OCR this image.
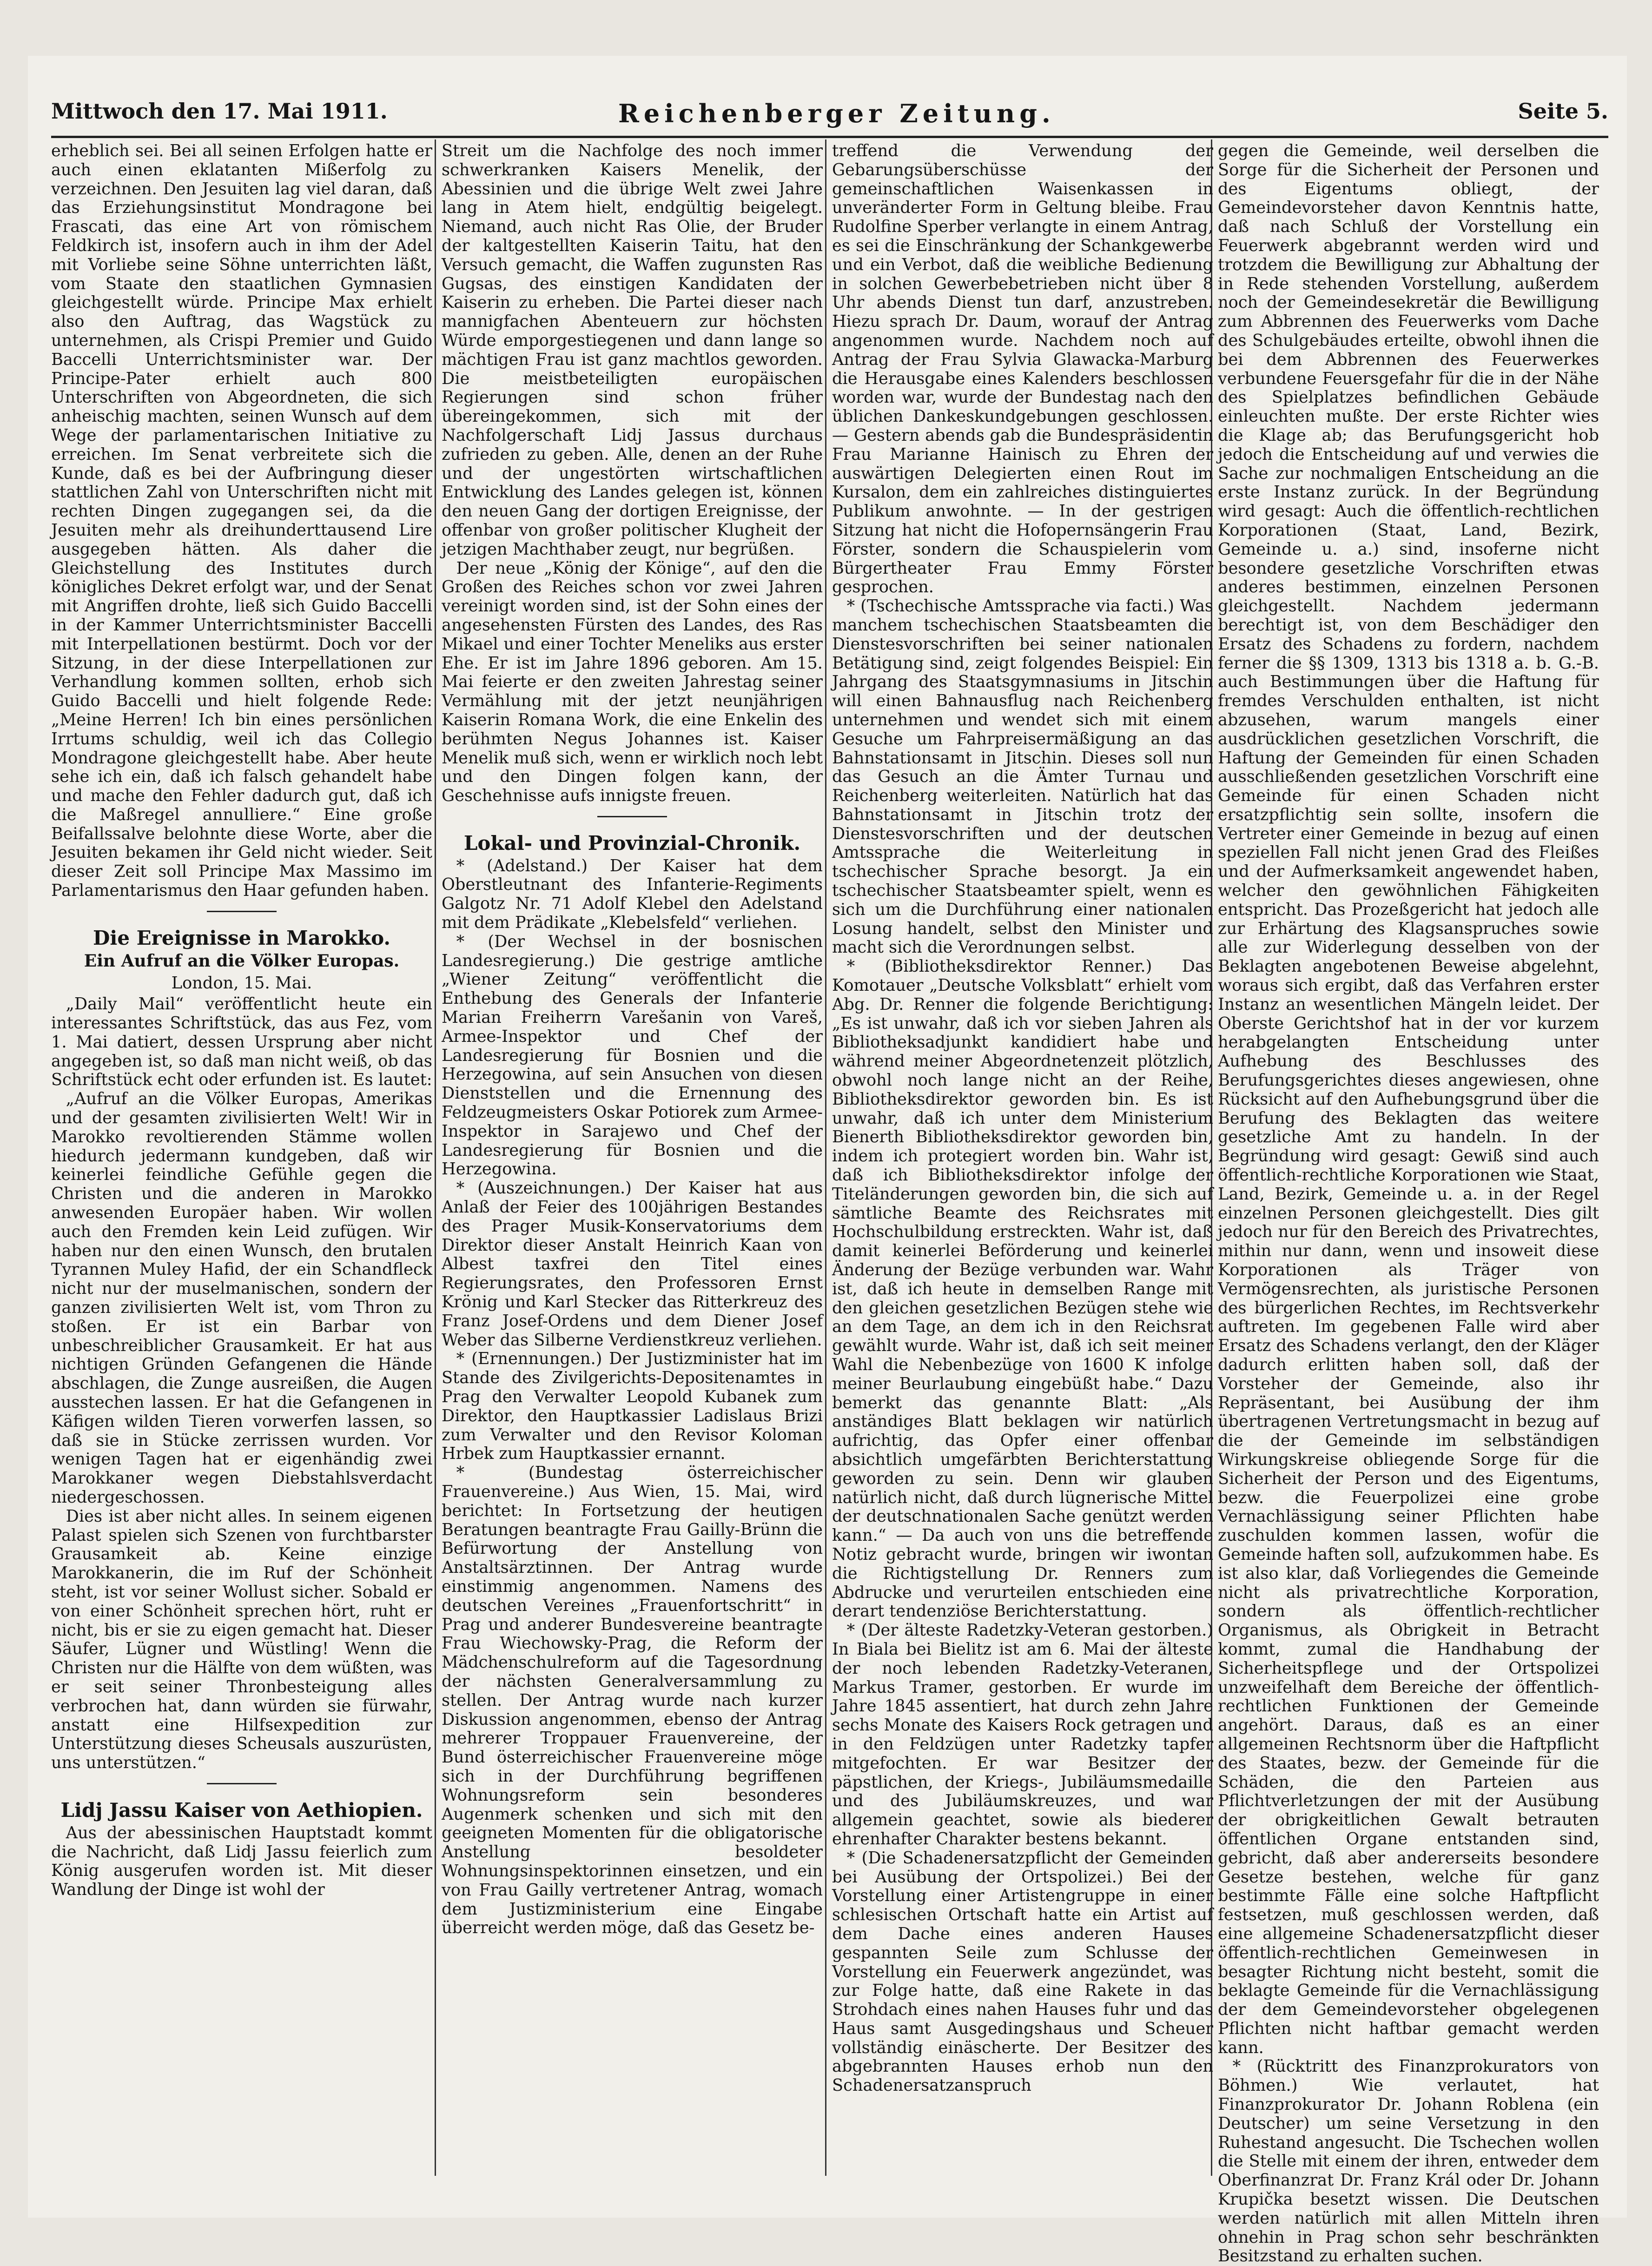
Mittwoch den 17. Mai 1911.	Reichenberger Zeitung.	Seite 5.

erheblich sei. Bei all seinen Erfolgen hatte er auch einen eklatanten Mißerfolg zu verzeichnen. Den Jesuiten lag viel daran, daß das Erziehungsinstitut Mondragone bei Frascati, das eine Art von römischem Feldkirch ist, insofern auch in ihm der Adel mit Vorliebe seine Söhne unterrichten läßt, vom Staate den staatlichen Gymnasien gleichgestellt würde. Principe Max erhielt also den Auftrag, das Wagstück zu unternehmen, als Crispi Premier und Guido Baccelli Unterrichtsminister war. Der Principe-Pater erhielt auch 800 Unterschriften von Abgeordneten, die sich anheischig machten, seinen Wunsch auf dem Wege der parlamentarischen Initiative zu erreichen. Im Senat verbreitete sich die Kunde, daß es bei der Aufbringung dieser stattlichen Zahl von Unterschriften nicht mit rechten Dingen zugegangen sei, da die Jesuiten mehr als dreihunderttausend Lire ausgegeben hätten. Als daher die Gleichstellung des Institutes durch königliches Dekret erfolgt war, und der Senat mit Angriffen drohte, ließ sich Guido Baccelli in der Kammer Unterrichtsminister Baccelli mit Interpellationen bestürmt. Doch vor der Sitzung, in der diese Interpellationen zur Verhandlung kommen sollten, erhob sich Guido Baccelli und hielt folgende Rede: „Meine Herren! Ich bin eines persönlichen Irrtums schuldig, weil ich das Collegio Mondragone gleichgestellt habe. Aber heute sehe ich ein, daß ich falsch gehandelt habe und mache den Fehler dadurch gut, daß ich die Maßregel annulliere.“ Eine große Beifallssalve belohnte diese Worte, aber die Jesuiten bekamen ihr Geld nicht wieder. Seit dieser Zeit soll Principe Max Massimo im Parlamentarismus den Haar gefunden haben.

Die Ereignisse in Marokko.
Ein Aufruf an die Völker Europas.
London, 15. Mai.

„Daily Mail“ veröffentlicht heute ein interessantes Schriftstück, das aus Fez, vom 1. Mai datiert, dessen Ursprung aber nicht angegeben ist, so daß man nicht weiß, ob das Schriftstück echt oder erfunden ist. Es lautet:

„Aufruf an die Völker Europas, Amerikas und der gesamten zivilisierten Welt! Wir in Marokko revoltierenden Stämme wollen hiedurch jedermann kundgeben, daß wir keinerlei feindliche Gefühle gegen die Christen und die anderen in Marokko anwesenden Europäer haben. Wir wollen auch den Fremden kein Leid zufügen. Wir haben nur den einen Wunsch, den brutalen Tyrannen Muley Hafid, der ein Schandfleck nicht nur der muselmanischen, sondern der ganzen zivilisierten Welt ist, vom Thron zu stoßen. Er ist ein Barbar von unbeschreiblicher Grausamkeit. Er hat aus nichtigen Gründen Gefangenen die Hände abschlagen, die Zunge ausreißen, die Augen ausstechen lassen. Er hat die Gefangenen in Käfigen wilden Tieren vorwerfen lassen, so daß sie in Stücke zerrissen wurden. Vor wenigen Tagen hat er eigenhändig zwei Marokkaner wegen Diebstahlsverdacht niedergeschossen.

Dies ist aber nicht alles. In seinem eigenen Palast spielen sich Szenen von furchtbarster Grausamkeit ab. Keine einzige Marokkanerin, die im Ruf der Schönheit steht, ist vor seiner Wollust sicher. Sobald er von einer Schönheit sprechen hört, ruht er nicht, bis er sie zu eigen gemacht hat. Dieser Säufer, Lügner und Wüstling! Wenn die Christen nur die Hälfte von dem wüßten, was er seit seiner Thronbesteigung alles verbrochen hat, dann würden sie fürwahr, anstatt eine Hilfsexpedition zur Unterstützung dieses Scheusals auszurüsten, uns unterstützen.“

Lidj Jassu Kaiser von Aethiopien.

Aus der abessinischen Hauptstadt kommt die Nachricht, daß Lidj Jassu feierlich zum König ausgerufen worden ist. Mit dieser Wandlung der Dinge ist wohl der

Streit um die Nachfolge des noch immer schwerkranken Kaisers Menelik, der Abessinien und die übrige Welt zwei Jahre lang in Atem hielt, endgültig beigelegt. Niemand, auch nicht Ras Olie, der Bruder der kaltgestellten Kaiserin Taitu, hat den Versuch gemacht, die Waffen zugunsten Ras Gugsas, des einstigen Kandidaten der Kaiserin zu erheben. Die Partei dieser nach mannigfachen Abenteuern zur höchsten Würde emporgestiegenen und dann lange so mächtigen Frau ist ganz machtlos geworden. Die meistbeteiligten europäischen Regierungen sind schon früher übereingekommen, sich mit der Nachfolgerschaft Lidj Jassus durchaus zufrieden zu geben. Alle, denen an der Ruhe und der ungestörten wirtschaftlichen Entwicklung des Landes gelegen ist, können den neuen Gang der dortigen Ereignisse, der offenbar von großer politischer Klugheit der jetzigen Machthaber zeugt, nur begrüßen.

Der neue „König der Könige“, auf den die Großen des Reiches schon vor zwei Jahren vereinigt worden sind, ist der Sohn eines der angesehensten Fürsten des Landes, des Ras Mikael und einer Tochter Meneliks aus erster Ehe. Er ist im Jahre 1896 geboren. Am 15. Mai feierte er den zweiten Jahrestag seiner Vermählung mit der jetzt neunjährigen Kaiserin Romana Work, die eine Enkelin des berühmten Negus Johannes ist. Kaiser Menelik muß sich, wenn er wirklich noch lebt und den Dingen folgen kann, der Geschehnisse aufs innigste freuen.

Lokal- und Provinzial-Chronik.

* (Adelstand.) Der Kaiser hat dem Oberstleutnant des Infanterie-Regiments Galgotz Nr. 71 Adolf Klebel den Adelstand mit dem Prädikate „Klebelsfeld“ verliehen.

* (Der Wechsel in der bosnischen Landesregierung.) Die gestrige amtliche „Wiener Zeitung“ veröffentlicht die Enthebung des Generals der Infanterie Marian Freiherrn Varešanin von Vareš, Armee-Inspektor und Chef der Landesregierung für Bosnien und die Herzegowina, auf sein Ansuchen von diesen Dienststellen und die Ernennung des Feldzeugmeisters Oskar Potiorek zum Armee-Inspektor in Sarajewo und Chef der Landesregierung für Bosnien und die Herzegowina.

* (Auszeichnungen.) Der Kaiser hat aus Anlaß der Feier des 100jährigen Bestandes des Prager Musik-Konservatoriums dem Direktor dieser Anstalt Heinrich Kaan von Albest taxfrei den Titel eines Regierungsrates, den Professoren Ernst Krönig und Karl Stecker das Ritterkreuz des Franz Josef-Ordens und dem Diener Josef Weber das Silberne Verdienstkreuz verliehen.

* (Ernennungen.) Der Justizminister hat im Stande des Zivilgerichts-Depositenamtes in Prag den Verwalter Leopold Kubanek zum Direktor, den Hauptkassier Ladislaus Brizi zum Verwalter und den Revisor Koloman Hrbek zum Hauptkassier ernannt.

* (Bundestag österreichischer Frauenvereine.) Aus Wien, 15. Mai, wird berichtet: In Fortsetzung der heutigen Beratungen beantragte Frau Gailly-Brünn die Befürwortung der Anstellung von Anstaltsärztinnen. Der Antrag wurde einstimmig angenommen. Namens des deutschen Vereines „Frauenfortschritt“ in Prag und anderer Bundesvereine beantragte Frau Wiechowsky-Prag, die Reform der Mädchenschulreform auf die Tagesordnung der nächsten Generalversammlung zu stellen. Der Antrag wurde nach kurzer Diskussion angenommen, ebenso der Antrag mehrerer Troppauer Frauenvereine, der Bund österreichischer Frauenvereine möge sich in der Durchführung begriffenen Wohnungsreform sein besonderes Augenmerk schenken und sich mit den geeigneten Momenten für die obligatorische Anstellung besoldeter Wohnungsinspektorinnen einsetzen, und ein von Frau Gailly vertretener Antrag, womach dem Justizministerium eine Eingabe überreicht werden möge, daß das Gesetz be-

treffend die Verwendung der Gebarungsüberschüsse der gemeinschaftlichen Waisenkassen in unveränderter Form in Geltung bleibe. Frau Rudolfine Sperber verlangte in einem Antrag, es sei die Einschränkung der Schankgewerbe und ein Verbot, daß die weibliche Bedienung in solchen Gewerbebetrieben nicht über 8 Uhr abends Dienst tun darf, anzustreben. Hiezu sprach Dr. Daum, worauf der Antrag angenommen wurde. Nachdem noch auf Antrag der Frau Sylvia Glawacka-Marburg die Herausgabe eines Kalenders beschlossen worden war, wurde der Bundestag nach den üblichen Dankeskundgebungen geschlossen. — Gestern abends gab die Bundespräsidentin Frau Marianne Hainisch zu Ehren der auswärtigen Delegierten einen Rout im Kursalon, dem ein zahlreiches distinguiertes Publikum anwohnte. — In der gestrigen Sitzung hat nicht die Hofopernsängerin Frau Förster, sondern die Schauspielerin vom Bürgertheater Frau Emmy Förster gesprochen.

* (Tschechische Amtssprache via facti.) Was manchem tschechischen Staatsbeamten die Dienstesvorschriften bei seiner nationalen Betätigung sind, zeigt folgendes Beispiel: Ein Jahrgang des Staatsgymnasiums in Jitschin will einen Bahnausflug nach Reichenberg unternehmen und wendet sich mit einem Gesuche um Fahrpreisermäßigung an das Bahnstationsamt in Jitschin. Dieses soll nun das Gesuch an die Ämter Turnau und Reichenberg weiterleiten. Natürlich hat das Bahnstationsamt in Jitschin trotz der Dienstesvorschriften und der deutschen Amtssprache die Weiterleitung in tschechischer Sprache besorgt. Ja ein tschechischer Staatsbeamter spielt, wenn es sich um die Durchführung einer nationalen Losung handelt, selbst den Minister und macht sich die Verordnungen selbst.

* (Bibliotheksdirektor Renner.) Das Komotauer „Deutsche Volksblatt“ erhielt vom Abg. Dr. Renner die folgende Berichtigung: „Es ist unwahr, daß ich vor sieben Jahren als Bibliotheksadjunkt kandidiert habe und während meiner Abgeordnetenzeit plötzlich, obwohl noch lange nicht an der Reihe, Bibliotheksdirektor geworden bin. Es ist unwahr, daß ich unter dem Ministerium Bienerth Bibliotheksdirektor geworden bin, indem ich protegiert worden bin. Wahr ist, daß ich Bibliotheksdirektor infolge der Titeländerungen geworden bin, die sich auf sämtliche Beamte des Reichsrates mit Hochschulbildung erstreckten. Wahr ist, daß damit keinerlei Beförderung und keinerlei Änderung der Bezüge verbunden war. Wahr ist, daß ich heute in demselben Range mit den gleichen gesetzlichen Bezügen stehe wie an dem Tage, an dem ich in den Reichsrat gewählt wurde. Wahr ist, daß ich seit meiner Wahl die Nebenbezüge von 1600 K infolge meiner Beurlaubung eingebüßt habe.“ Dazu bemerkt das genannte Blatt: „Als anständiges Blatt beklagen wir natürlich aufrichtig, das Opfer einer offenbar absichtlich umgefärbten Berichterstattung geworden zu sein. Denn wir glauben natürlich nicht, daß durch lügnerische Mittel der deutschnationalen Sache genützt werden kann.“ — Da auch von uns die betreffende Notiz gebracht wurde, bringen wir iwontan die Richtigstellung Dr. Renners zum Abdrucke und verurteilen entschieden eine derart tendenziöse Berichterstattung.

* (Der älteste Radetzky-Veteran gestorben.) In Biala bei Bielitz ist am 6. Mai der älteste der noch lebenden Radetzky-Veteranen, Markus Tramer, gestorben. Er wurde im Jahre 1845 assentiert, hat durch zehn Jahre sechs Monate des Kaisers Rock getragen und in den Feldzügen unter Radetzky tapfer mitgefochten. Er war Besitzer der päpstlichen, der Kriegs-, Jubiläumsmedaille und des Jubiläumskreuzes, und war allgemein geachtet, sowie als biederer ehrenhafter Charakter bestens bekannt.

* (Die Schadenersatzpflicht der Gemeinden bei Ausübung der Ortspolizei.) Bei der Vorstellung einer Artistengruppe in einer schlesischen Ortschaft hatte ein Artist auf dem Dache eines anderen Hauses gespannten Seile zum Schlusse der Vorstellung ein Feuerwerk angezündet, was zur Folge hatte, daß eine Rakete in das Strohdach eines nahen Hauses fuhr und das Haus samt Ausgedingshaus und Scheuer vollständig einäscherte. Der Besitzer des abgebrannten Hauses erhob nun den Schadenersatzanspruch

gegen die Gemeinde, weil derselben die Sorge für die Sicherheit der Personen und des Eigentums obliegt, der Gemeindevorsteher davon Kenntnis hatte, daß nach Schluß der Vorstellung ein Feuerwerk abgebrannt werden wird und trotzdem die Bewilligung zur Abhaltung der in Rede stehenden Vorstellung, außerdem noch der Gemeindesekretär die Bewilligung zum Abbrennen des Feuerwerks vom Dache des Schulgebäudes erteilte, obwohl ihnen die bei dem Abbrennen des Feuerwerkes verbundene Feuersgefahr für die in der Nähe des Spielplatzes befindlichen Gebäude einleuchten mußte. Der erste Richter wies die Klage ab; das Berufungsgericht hob jedoch die Entscheidung auf und verwies die Sache zur nochmaligen Entscheidung an die erste Instanz zurück. In der Begründung wird gesagt: Auch die öffentlich-rechtlichen Korporationen (Staat, Land, Bezirk, Gemeinde u. a.) sind, insoferne nicht besondere gesetzliche Vorschriften etwas anderes bestimmen, einzelnen Personen gleichgestellt. Nachdem jedermann berechtigt ist, von dem Beschädiger den Ersatz des Schadens zu fordern, nachdem ferner die §§ 1309, 1313 bis 1318 a. b. G.-B. auch Bestimmungen über die Haftung für fremdes Verschulden enthalten, ist nicht abzusehen, warum mangels einer ausdrücklichen gesetzlichen Vorschrift, die Haftung der Gemeinden für einen Schaden ausschließenden gesetzlichen Vorschrift eine Gemeinde für einen Schaden nicht ersatzpflichtig sein sollte, insofern die Vertreter einer Gemeinde in bezug auf einen speziellen Fall nicht jenen Grad des Fleißes und der Aufmerksamkeit angewendet haben, welcher den gewöhnlichen Fähigkeiten entspricht. Das Prozeßgericht hat jedoch alle zur Erhärtung des Klagsanspruches sowie alle zur Widerlegung desselben von der Beklagten angebotenen Beweise abgelehnt, woraus sich ergibt, daß das Verfahren erster Instanz an wesentlichen Mängeln leidet. Der Oberste Gerichtshof hat in der vor kurzem herabgelangten Entscheidung unter Aufhebung des Beschlusses des Berufungsgerichtes dieses angewiesen, ohne Rücksicht auf den Aufhebungsgrund über die Berufung des Beklagten das weitere gesetzliche Amt zu handeln. In der Begründung wird gesagt: Gewiß sind auch öffentlich-rechtliche Korporationen wie Staat, Land, Bezirk, Gemeinde u. a. in der Regel einzelnen Personen gleichgestellt. Dies gilt jedoch nur für den Bereich des Privatrechtes, mithin nur dann, wenn und insoweit diese Korporationen als Träger von Vermögensrechten, als juristische Personen des bürgerlichen Rechtes, im Rechtsverkehr auftreten. Im gegebenen Falle wird aber Ersatz des Schadens verlangt, den der Kläger dadurch erlitten haben soll, daß der Vorsteher der Gemeinde, also ihr Repräsentant, bei Ausübung der ihm übertragenen Vertretungsmacht in bezug auf die der Gemeinde im selbständigen Wirkungskreise obliegende Sorge für die Sicherheit der Person und des Eigentums, bezw. die Feuerpolizei eine grobe Vernachlässigung seiner Pflichten habe zuschulden kommen lassen, wofür die Gemeinde haften soll, aufzukommen habe. Es ist also klar, daß Vorliegendes die Gemeinde nicht als privatrechtliche Korporation, sondern als öffentlich-rechtlicher Organismus, als Obrigkeit in Betracht kommt, zumal die Handhabung der Sicherheitspflege und der Ortspolizei unzweifelhaft dem Bereiche der öffentlich-rechtlichen Funktionen der Gemeinde angehört. Daraus, daß es an einer allgemeinen Rechtsnorm über die Haftpflicht des Staates, bezw. der Gemeinde für die Schäden, die den Parteien aus Pflichtverletzungen der mit der Ausübung der obrigkeitlichen Gewalt betrauten öffentlichen Organe entstanden sind, gebricht, daß aber andererseits besondere Gesetze bestehen, welche für ganz bestimmte Fälle eine solche Haftpflicht festsetzen, muß geschlossen werden, daß eine allgemeine Schadenersatzpflicht dieser öffentlich-rechtlichen Gemeinwesen in besagter Richtung nicht besteht, somit die beklagte Gemeinde für die Vernachlässigung der dem Gemeindevorsteher obgelegenen Pflichten nicht haftbar gemacht werden kann.

* (Rücktritt des Finanzprokurators von Böhmen.) Wie verlautet, hat Finanzprokurator Dr. Johann Roblena (ein Deutscher) um seine Versetzung in den Ruhestand angesucht. Die Tschechen wollen die Stelle mit einem der ihren, entweder dem Oberfinanzrat Dr. Franz Král oder Dr. Johann Krupička besetzt wissen. Die Deutschen werden natürlich mit allen Mitteln ihren ohnehin in Prag schon sehr beschränkten Besitzstand zu erhalten suchen.
